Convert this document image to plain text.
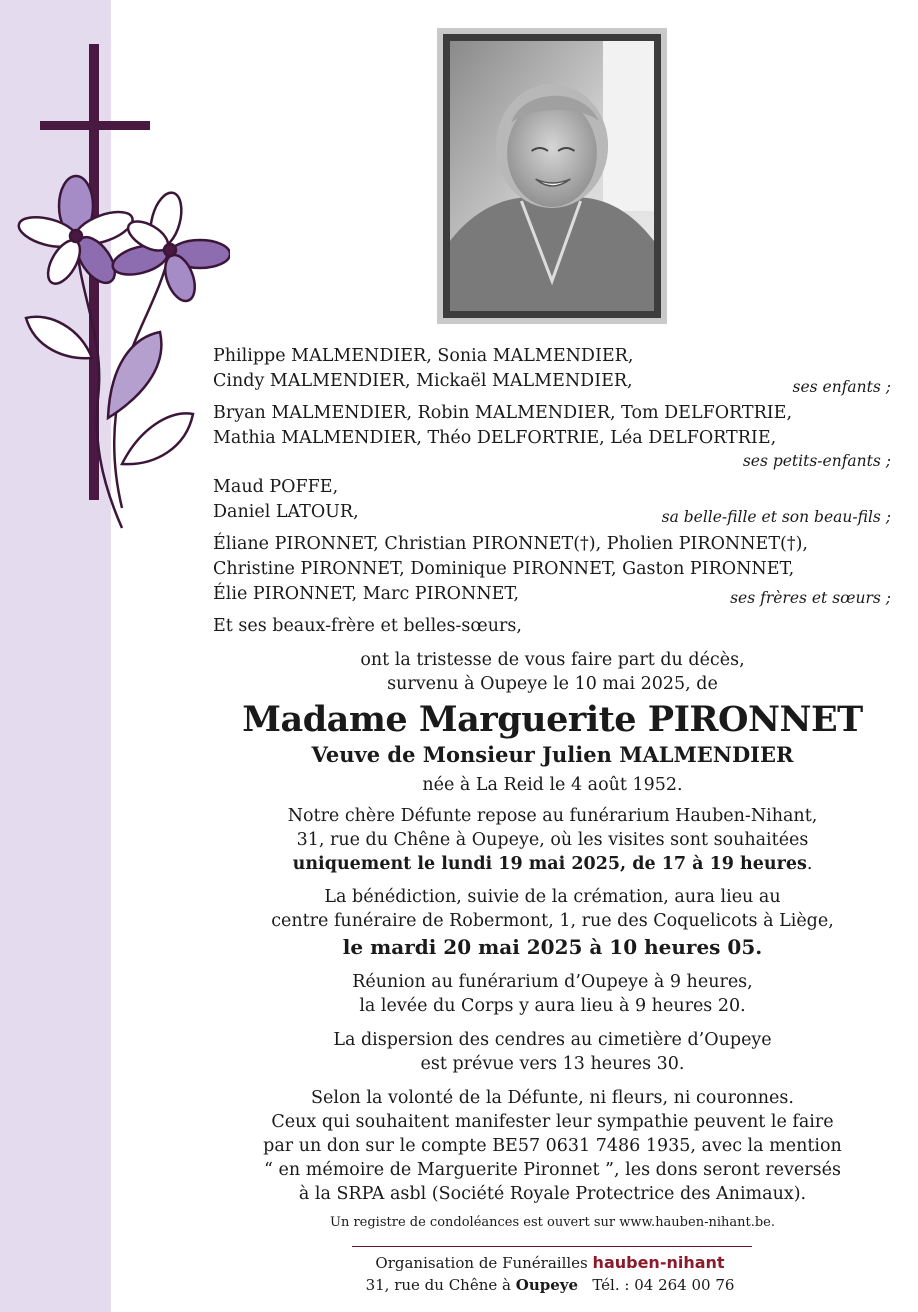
Philippe MALMENDIER, Sonia MALMENDIER,
Cindy MALMENDIER, Mickaël MALMENDIER,	ses enfants ;
Bryan MALMENDIER, Robin MALMENDIER, Tom DELFORTRIE,
Mathia MALMENDIER, Théo DELFORTRIE, Léa DELFORTRIE,
ses petits-enfants ;
Maud POFFE,
Daniel LATOUR,	sa belle-fille et son beau-fils ;
Éliane PIRONNET, Christian PIRONNET(†), Pholien PIRONNET(†),
Christine PIRONNET, Dominique PIRONNET, Gaston PIRONNET,
Élie PIRONNET, Marc PIRONNET,	ses frères et sœurs ;
Et ses beaux-frère et belles-sœurs,
ont la tristesse de vous faire part du décès,
survenu à Oupeye le 10 mai 2025, de
Madame Marguerite PIRONNET
Veuve de Monsieur Julien MALMENDIER
née à La Reid le 4 août 1952.
Notre chère Défunte repose au funérarium Hauben-Nihant,
31, rue du Chêne à Oupeye, où les visites sont souhaitées
uniquement le lundi 19 mai 2025, de 17 à 19 heures.
La bénédiction, suivie de la crémation, aura lieu au
centre funéraire de Robermont, 1, rue des Coquelicots à Liège,
le mardi 20 mai 2025 à 10 heures 05.
Réunion au funérarium d’Oupeye à 9 heures,
la levée du Corps y aura lieu à 9 heures 20.
La dispersion des cendres au cimetière d’Oupeye
est prévue vers 13 heures 30.
Selon la volonté de la Défunte, ni fleurs, ni couronnes.
Ceux qui souhaitent manifester leur sympathie peuvent le faire
par un don sur le compte BE57 0631 7486 1935, avec la mention
“ en mémoire de Marguerite Pironnet ”, les dons seront reversés
à la SRPA asbl (Société Royale Protectrice des Animaux).
Un registre de condoléances est ouvert sur www.hauben-nihant.be.
Organisation de Funérailles hauben-nihant
31, rue du Chêne à Oupeye Tél. : 04 264 00 76
